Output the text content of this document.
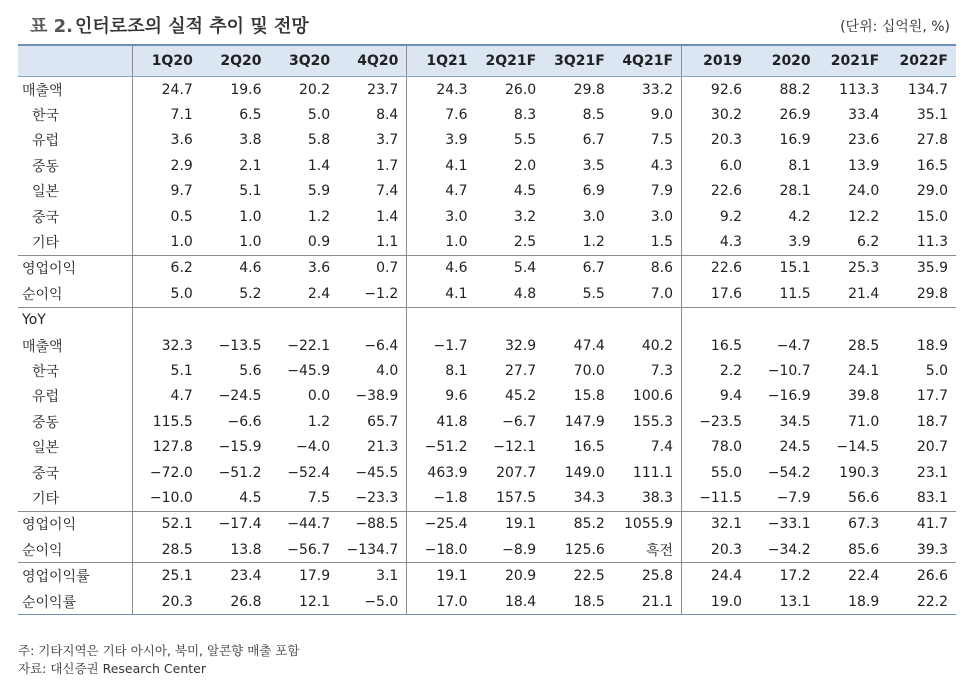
표 2. 인터로조의 실적 추이 및 전망	(단위: 십억원, %)
	1Q20	2Q20	3Q20	4Q20	1Q21	2Q21F	3Q21F	4Q21F	2019	2020	2021F	2022F
매출액	24.7	19.6	20.2	23.7	24.3	26.0	29.8	33.2	92.6	88.2	113.3	134.7
한국	7.1	6.5	5.0	8.4	7.6	8.3	8.5	9.0	30.2	26.9	33.4	35.1
유럽	3.6	3.8	5.8	3.7	3.9	5.5	6.7	7.5	20.3	16.9	23.6	27.8
중동	2.9	2.1	1.4	1.7	4.1	2.0	3.5	4.3	6.0	8.1	13.9	16.5
일본	9.7	5.1	5.9	7.4	4.7	4.5	6.9	7.9	22.6	28.1	24.0	29.0
중국	0.5	1.0	1.2	1.4	3.0	3.2	3.0	3.0	9.2	4.2	12.2	15.0
기타	1.0	1.0	0.9	1.1	1.0	2.5	1.2	1.5	4.3	3.9	6.2	11.3
영업이익	6.2	4.6	3.6	0.7	4.6	5.4	6.7	8.6	22.6	15.1	25.3	35.9
순이익	5.0	5.2	2.4	−1.2	4.1	4.8	5.5	7.0	17.6	11.5	21.4	29.8
YoY												
매출액	32.3	−13.5	−22.1	−6.4	−1.7	32.9	47.4	40.2	16.5	−4.7	28.5	18.9
한국	5.1	5.6	−45.9	4.0	8.1	27.7	70.0	7.3	2.2	−10.7	24.1	5.0
유럽	4.7	−24.5	0.0	−38.9	9.6	45.2	15.8	100.6	9.4	−16.9	39.8	17.7
중동	115.5	−6.6	1.2	65.7	41.8	−6.7	147.9	155.3	−23.5	34.5	71.0	18.7
일본	127.8	−15.9	−4.0	21.3	−51.2	−12.1	16.5	7.4	78.0	24.5	−14.5	20.7
중국	−72.0	−51.2	−52.4	−45.5	463.9	207.7	149.0	111.1	55.0	−54.2	190.3	23.1
기타	−10.0	4.5	7.5	−23.3	−1.8	157.5	34.3	38.3	−11.5	−7.9	56.6	83.1
영업이익	52.1	−17.4	−44.7	−88.5	−25.4	19.1	85.2	1055.9	32.1	−33.1	67.3	41.7
순이익	28.5	13.8	−56.7	−134.7	−18.0	−8.9	125.6	흑전	20.3	−34.2	85.6	39.3
영업이익률	25.1	23.4	17.9	3.1	19.1	20.9	22.5	25.8	24.4	17.2	22.4	26.6
순이익률	20.3	26.8	12.1	−5.0	17.0	18.4	18.5	21.1	19.0	13.1	18.9	22.2
주: 기타지역은 기타 아시아, 북미, 알콘향 매출 포함
자료: 대신증권 Research Center
